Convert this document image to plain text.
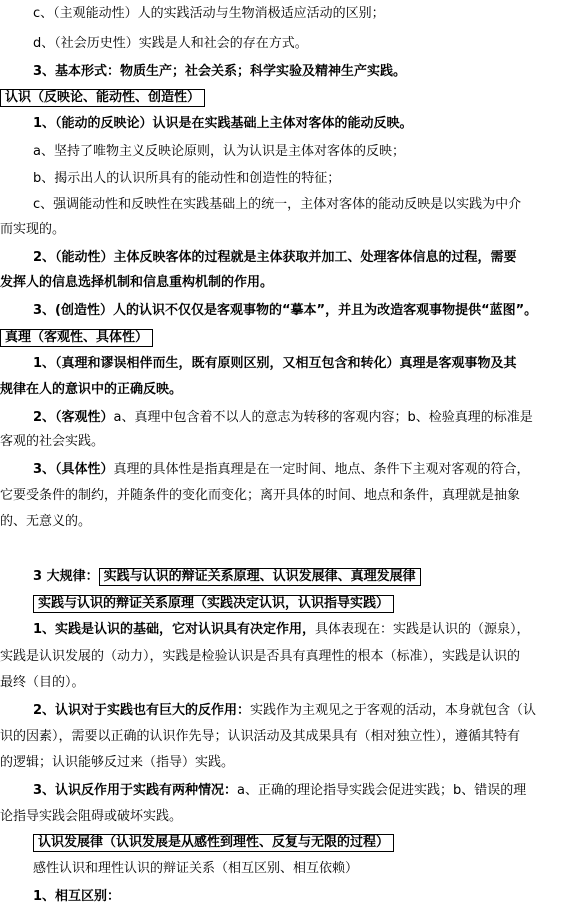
c、（主观能动性）人的实践活动与生物消极适应活动的区别；
d、（社会历史性）实践是人和社会的存在方式。
3、基本形式：物质生产；社会关系；科学实验及精神生产实践。
认识（反映论、能动性、创造性）
1、（能动的反映论）认识是在实践基础上主体对客体的能动反映。
a、坚持了唯物主义反映论原则，认为认识是主体对客体的反映；
b、揭示出人的认识所具有的能动性和创造性的特征；
c、强调能动性和反映性在实践基础上的统一，主体对客体的能动反映是以实践为中介
而实现的。
2、（能动性）主体反映客体的过程就是主体获取并加工、处理客体信息的过程，需要
发挥人的信息选择机制和信息重构机制的作用。
3、(创造性）人的认识不仅仅是客观事物的“摹本”，并且为改造客观事物提供“蓝图”。
真理（客观性、具体性）
1、（真理和谬误相伴而生，既有原则区别，又相互包含和转化）真理是客观事物及其
规律在人的意识中的正确反映。
2、（客观性）a、真理中包含着不以人的意志为转移的客观内容；b、检验真理的标准是
客观的社会实践。
3、（具体性）真理的具体性是指真理是在一定时间、地点、条件下主观对客观的符合，
它要受条件的制约，并随条件的变化而变化；离开具体的时间、地点和条件，真理就是抽象
的、无意义的。
3 大规律： 实践与认识的辩证关系原理、认识发展律、真理发展律
实践与认识的辩证关系原理（实践决定认识，认识指导实践）
1、实践是认识的基础，它对认识具有决定作用，具体表现在：实践是认识的（源泉），
实践是认识发展的（动力），实践是检验认识是否具有真理性的根本（标准），实践是认识的
最终（目的）。
2、认识对于实践也有巨大的反作用：实践作为主观见之于客观的活动，本身就包含（认
识的因素），需要以正确的认识作先导；认识活动及其成果具有（相对独立性），遵循其特有
的逻辑；认识能够反过来（指导）实践。
3、认识反作用于实践有两种情况：a、正确的理论指导实践会促进实践；b、错误的理
论指导实践会阻碍或破坏实践。
认识发展律（认识发展是从感性到理性、反复与无限的过程）
感性认识和理性认识的辩证关系（相互区别、相互依赖）
1、相互区别：
